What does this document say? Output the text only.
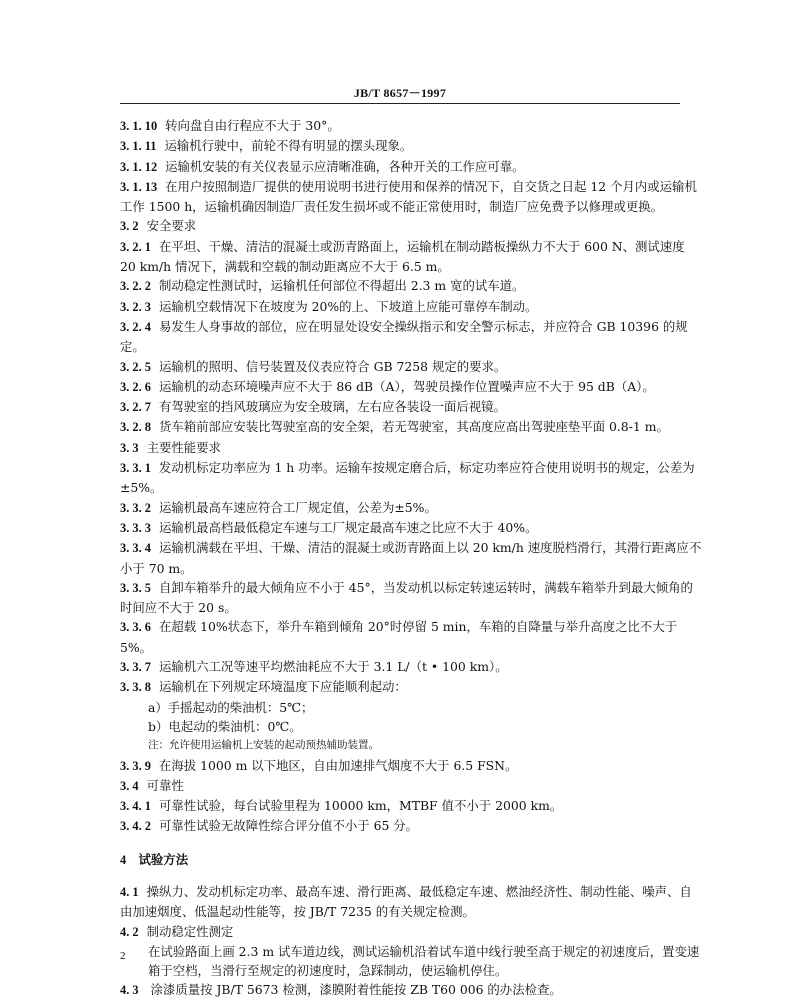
JB/T 8657－1997

3. 1. 10 转向盘自由行程应不大于 30°。

3. 1. 11 运输机行驶中，前轮不得有明显的摆头现象。

3. 1. 12 运输机安装的有关仪表显示应清晰准确，各种开关的工作应可靠。

3. 1. 13 在用户按照制造厂提供的使用说明书进行使用和保养的情况下，自交货之日起 12 个月内或运输机工作 1500 h，运输机确因制造厂责任发生损坏或不能正常使用时，制造厂应免费予以修理或更换。

3. 2 安全要求

3. 2. 1 在平坦、干燥、清洁的混凝土或沥青路面上，运输机在制动踏板操纵力不大于 600 N、测试速度 20 km/h 情况下，满载和空载的制动距离应不大于 6.5 m。

3. 2. 2 制动稳定性测试时，运输机任何部位不得超出 2.3 m 宽的试车道。

3. 2. 3 运输机空载情况下在坡度为 20%的上、下坡道上应能可靠停车制动。

3. 2. 4 易发生人身事故的部位，应在明显处设安全操纵指示和安全警示标志，并应符合 GB 10396 的规定。

3. 2. 5 运输机的照明、信号装置及仪表应符合 GB 7258 规定的要求。

3. 2. 6 运输机的动态环境噪声应不大于 86 dB（A），驾驶员操作位置噪声应不大于 95 dB（A）。

3. 2. 7 有驾驶室的挡风玻璃应为安全玻璃，左右应各装设一面后视镜。

3. 2. 8 货车箱前部应安装比驾驶室高的安全架，若无驾驶室，其高度应高出驾驶座垫平面 0.8-1 m。

3. 3 主要性能要求

3. 3. 1 发动机标定功率应为 1 h 功率。运输车按规定磨合后，标定功率应符合使用说明书的规定，公差为±5%。

3. 3. 2 运输机最高车速应符合工厂规定值，公差为±5%。

3. 3. 3 运输机最高档最低稳定车速与工厂规定最高车速之比应不大于 40%。

3. 3. 4 运输机满载在平坦、干燥、清洁的混凝土或沥青路面上以 20 km/h 速度脱档滑行，其滑行距离应不小于 70 m。

3. 3. 5 自卸车箱举升的最大倾角应不小于 45°，当发动机以标定转速运转时，满载车箱举升到最大倾角的时间应不大于 20 s。

3. 3. 6 在超载 10%状态下，举升车箱到倾角 20°时停留 5 min，车箱的自降量与举升高度之比不大于 5%。

3. 3. 7 运输机六工况等速平均燃油耗应不大于 3.1 L/（t • 100 km）。

3. 3. 8 运输机在下列规定环境温度下应能顺利起动：

a）手摇起动的柴油机：5℃；

b）电起动的柴油机：0℃。

注：允许使用运输机上安装的起动预热辅助装置。

3. 3. 9 在海拔 1000 m 以下地区，自由加速排气烟度不大于 6.5 FSN。

3. 4 可靠性

3. 4. 1 可靠性试验，每台试验里程为 10000 km，MTBF 值不小于 2000 km。

3. 4. 2 可靠性试验无故障性综合评分值不小于 65 分。

4 试验方法

4. 1 操纵力、发动机标定功率、最高车速、滑行距离、最低稳定车速、燃油经济性、制动性能、噪声、自由加速烟度、低温起动性能等，按 JB/T 7235 的有关规定检测。

4. 2 制动稳定性测定

在试验路面上画 2.3 m 试车道边线，测试运输机沿着试车道中线行驶至高于规定的初速度后，置变速箱于空档，当滑行至规定的初速度时，急踩制动，使运输机停住。

4. 3 涂漆质量按 JB/T 5673 检测，漆膜附着性能按 ZB T60 006 的办法检查。

2
